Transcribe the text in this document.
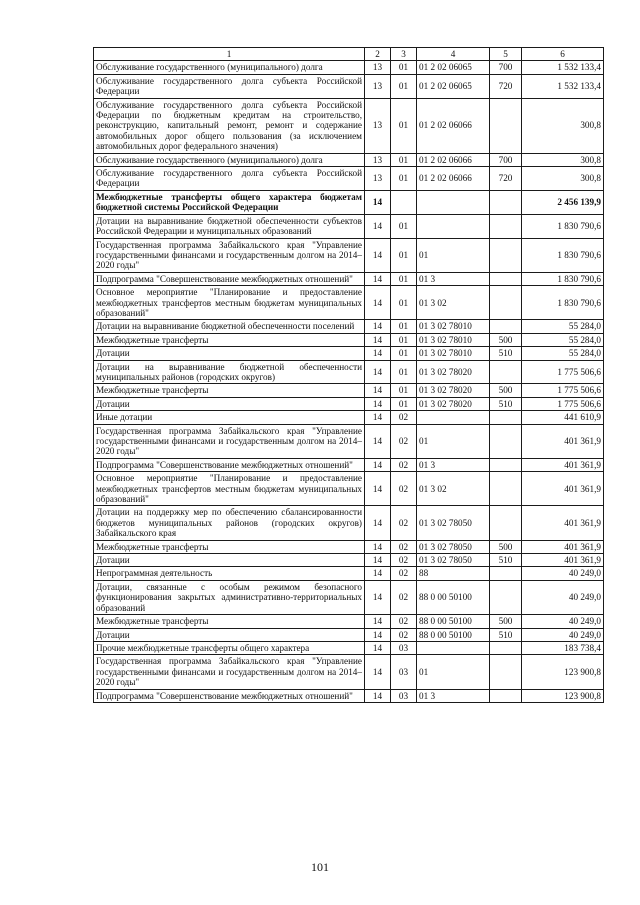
1	2	3	4	5	6
Обслуживание государственного (муниципального) долга	13	01	01 2 02 06065	700	1 532 133,4
Обслуживание государственного долга субъекта Российской Федерации	13	01	01 2 02 06065	720	1 532 133,4
Обслуживание государственного долга субъекта Российской Федерации по бюджетным кредитам на строительство, реконструкцию, капитальный ремонт, ремонт и содержание автомобильных дорог общего пользования (за исключением автомобильных дорог федерального значения)	13	01	01 2 02 06066		300,8
Обслуживание государственного (муниципального) долга	13	01	01 2 02 06066	700	300,8
Обслуживание государственного долга субъекта Российской Федерации	13	01	01 2 02 06066	720	300,8
Межбюджетные трансферты общего характера бюджетам бюджетной системы Российской Федерации	14				2 456 139,9
Дотации на выравнивание бюджетной обеспеченности субъектов Российской Федерации и муниципальных образований	14	01			1 830 790,6
Государственная программа Забайкальского края "Управление государственными финансами и государственным долгом на 2014–2020 годы"	14	01	01		1 830 790,6
Подпрограмма "Совершенствование межбюджетных отношений"	14	01	01 3		1 830 790,6
Основное мероприятие "Планирование и предоставление межбюджетных трансфертов местным бюджетам муниципальных образований"	14	01	01 3 02		1 830 790,6
Дотации на выравнивание бюджетной обеспеченности поселений	14	01	01 3 02 78010		55 284,0
Межбюджетные трансферты	14	01	01 3 02 78010	500	55 284,0
Дотации	14	01	01 3 02 78010	510	55 284,0
Дотации на выравнивание бюджетной обеспеченности муниципальных районов (городских округов)	14	01	01 3 02 78020		1 775 506,6
Межбюджетные трансферты	14	01	01 3 02 78020	500	1 775 506,6
Дотации	14	01	01 3 02 78020	510	1 775 506,6
Иные дотации	14	02			441 610,9
Государственная программа Забайкальского края "Управление государственными финансами и государственным долгом на 2014–2020 годы"	14	02	01		401 361,9
Подпрограмма "Совершенствование межбюджетных отношений"	14	02	01 3		401 361,9
Основное мероприятие "Планирование и предоставление межбюджетных трансфертов местным бюджетам муниципальных образований"	14	02	01 3 02		401 361,9
Дотации на поддержку мер по обеспечению сбалансированности бюджетов муниципальных районов (городских округов) Забайкальского края	14	02	01 3 02 78050		401 361,9
Межбюджетные трансферты	14	02	01 3 02 78050	500	401 361,9
Дотации	14	02	01 3 02 78050	510	401 361,9
Непрограммная деятельность	14	02	88		40 249,0
Дотации, связанные с особым режимом безопасного функционирования закрытых административно-территориальных образований	14	02	88 0 00 50100		40 249,0
Межбюджетные трансферты	14	02	88 0 00 50100	500	40 249,0
Дотации	14	02	88 0 00 50100	510	40 249,0
Прочие межбюджетные трансферты общего характера	14	03			183 738,4
Государственная программа Забайкальского края "Управление государственными финансами и государственным долгом на 2014–2020 годы"	14	03	01		123 900,8
Подпрограмма "Совершенствование межбюджетных отношений"	14	03	01 3		123 900,8
101
